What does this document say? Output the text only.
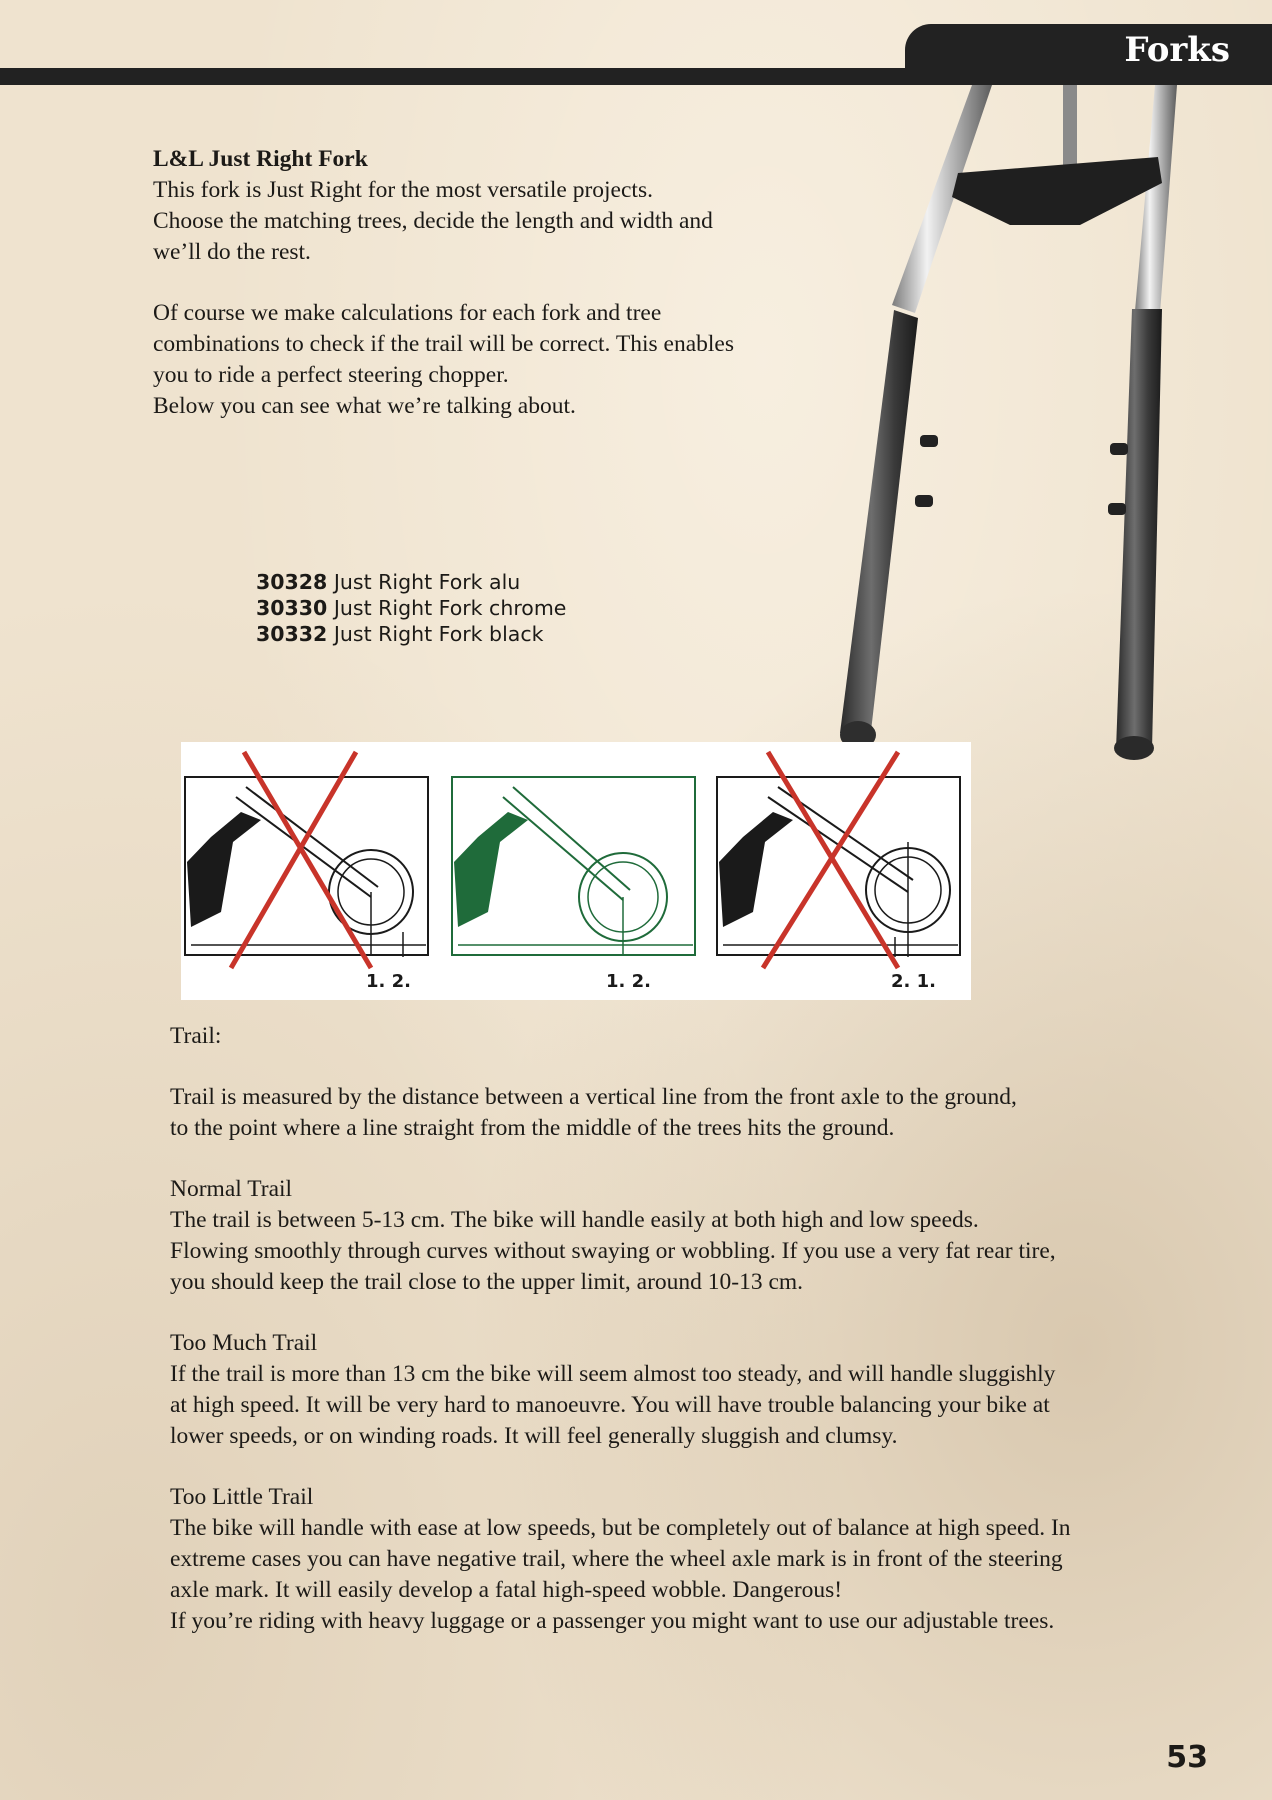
Forks

L&L Just Right Fork

This fork is Just Right for the most versatile projects.

Choose the matching trees, decide the length and width and

we’ll do the rest.

Of course we make calculations for each fork and tree

combinations to check if the trail will be correct. This enables

you to ride a perfect steering chopper.

Below you can see what we’re talking about.

30328 Just Right Fork alu
30330 Just Right Fork chrome
30332 Just Right Fork black
1. 2.	1. 2.	2. 1.

Trail:

Trail is measured by the distance between a vertical line from the front axle to the ground,

to the point where a line straight from the middle of the trees hits the ground.

Normal Trail

The trail is between 5-13 cm. The bike will handle easily at both high and low speeds.

Flowing smoothly through curves without swaying or wobbling. If you use a very fat rear tire,

you should keep the trail close to the upper limit, around 10-13 cm.

Too Much Trail

If the trail is more than 13 cm the bike will seem almost too steady, and will handle sluggishly

at high speed. It will be very hard to manoeuvre. You will have trouble balancing your bike at

lower speeds, or on winding roads. It will feel generally sluggish and clumsy.

Too Little Trail

The bike will handle with ease at low speeds, but be completely out of balance at high speed. In

extreme cases you can have negative trail, where the wheel axle mark is in front of the steering

axle mark. It will easily develop a fatal high-speed wobble. Dangerous!

If you’re riding with heavy luggage or a passenger you might want to use our adjustable trees.

53
